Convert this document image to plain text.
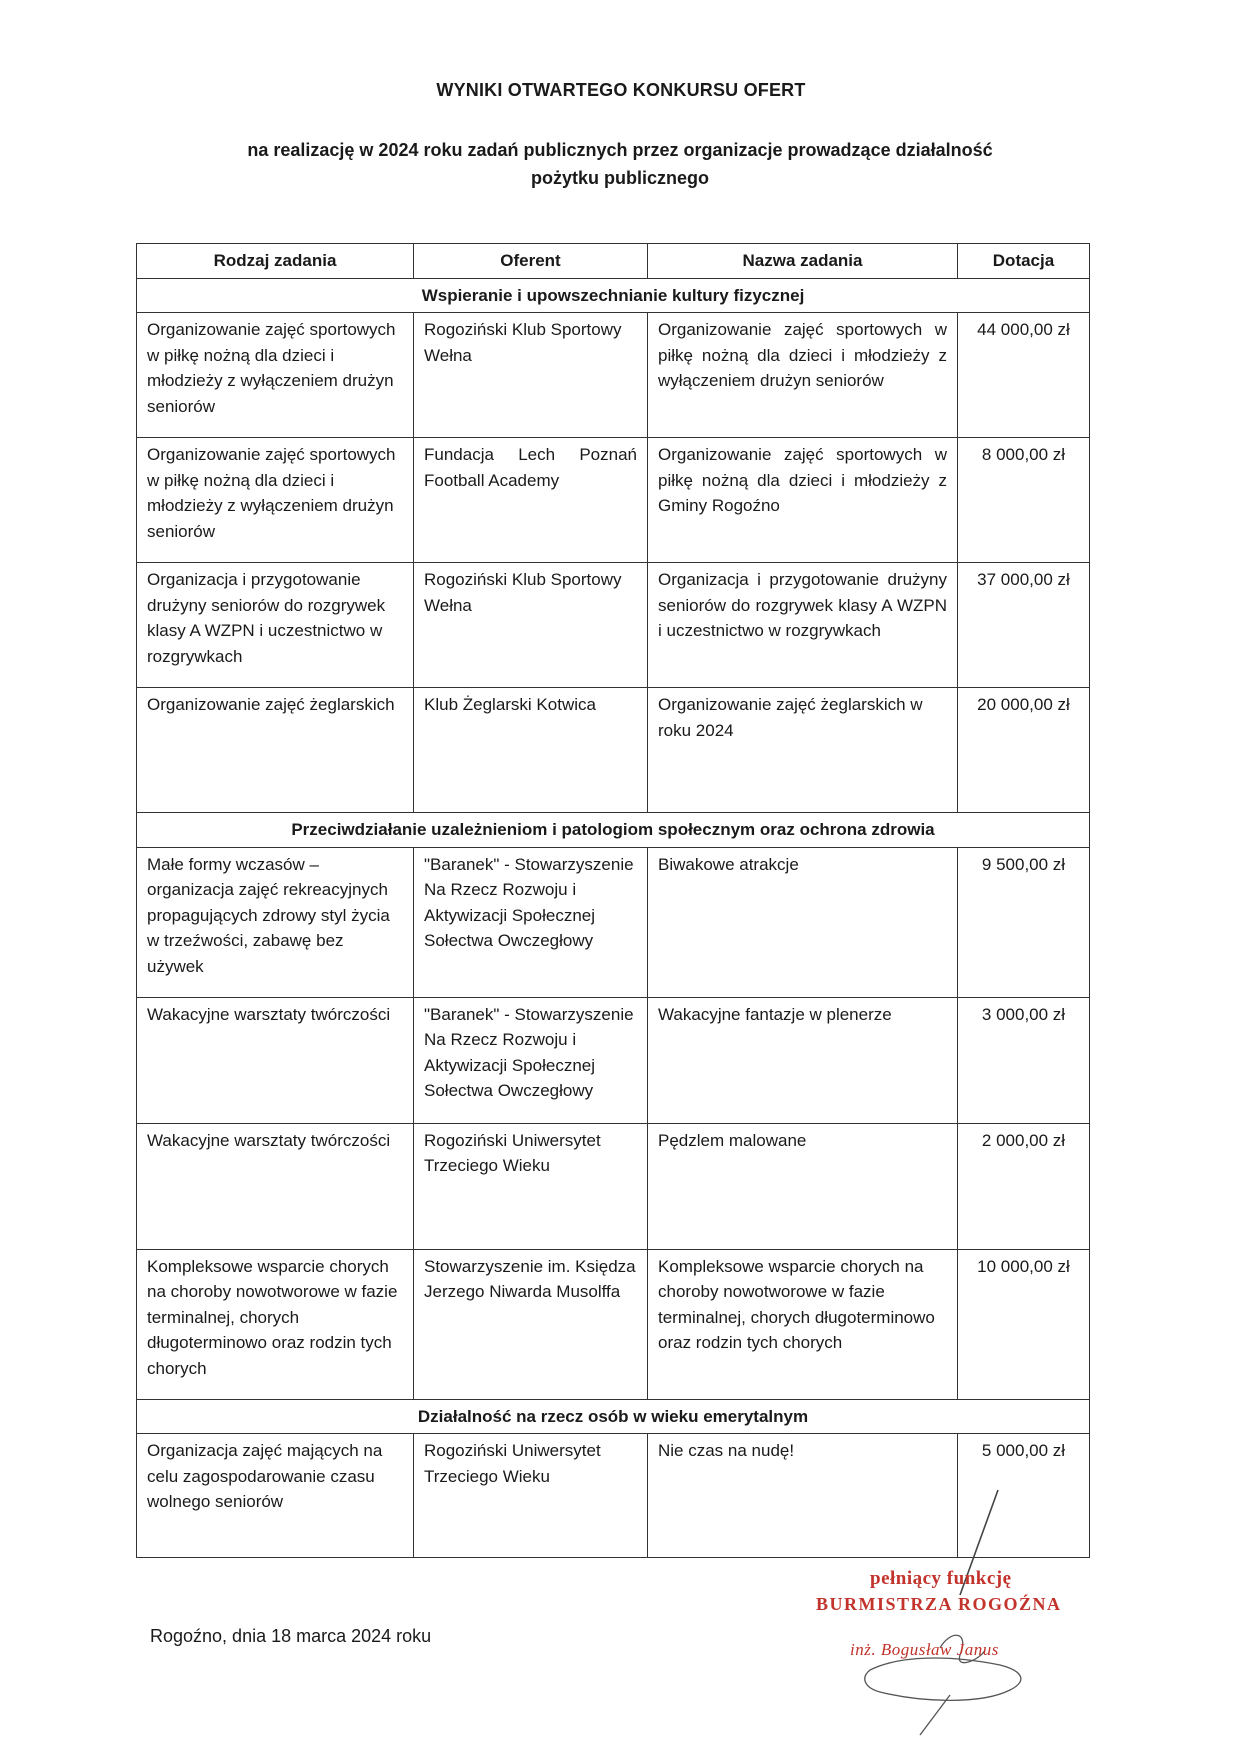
WYNIKI OTWARTEGO KONKURSU OFERT
na realizację w 2024 roku zadań publicznych przez organizacje prowadzące działalność
pożytku publicznego
Rodzaj zadania	Oferent	Nazwa zadania	Dotacja
Wspieranie i upowszechnianie kultury fizycznej			
Organizowanie zajęć sportowych w piłkę nożną dla dzieci i młodzieży z wyłączeniem drużyn seniorów	Rogoziński Klub Sportowy Wełna	Organizowanie zajęć sportowych w piłkę nożną dla dzieci i młodzieży z wyłączeniem drużyn seniorów	44 000,00 zł
Organizowanie zajęć sportowych w piłkę nożną dla dzieci i młodzieży z wyłączeniem drużyn seniorów	Fundacja Lech Poznań Football Academy	Organizowanie zajęć sportowych w piłkę nożną dla dzieci i młodzieży z Gminy Rogoźno	8 000,00 zł
Organizacja i przygotowanie drużyny seniorów do rozgrywek klasy A WZPN i uczestnictwo w rozgrywkach	Rogoziński Klub Sportowy Wełna	Organizacja i przygotowanie drużyny seniorów do rozgrywek klasy A WZPN i uczestnictwo w rozgrywkach	37 000,00 zł
Organizowanie zajęć żeglarskich	Klub Żeglarski Kotwica	Organizowanie zajęć żeglarskich w roku 2024	20 000,00 zł
Przeciwdziałanie uzależnieniom i patologiom społecznym oraz ochrona zdrowia			
Małe formy wczasów – organizacja zajęć rekreacyjnych propagujących zdrowy styl życia w trzeźwości, zabawę bez używek	"Baranek" - Stowarzyszenie Na Rzecz Rozwoju i Aktywizacji Społecznej Sołectwa Owczegłowy	Biwakowe atrakcje	9 500,00 zł
Wakacyjne warsztaty twórczości	"Baranek" - Stowarzyszenie Na Rzecz Rozwoju i Aktywizacji Społecznej Sołectwa Owczegłowy	Wakacyjne fantazje w plenerze	3 000,00 zł
Wakacyjne warsztaty twórczości	Rogoziński Uniwersytet Trzeciego Wieku	Pędzlem malowane	2 000,00 zł
Kompleksowe wsparcie chorych na choroby nowotworowe w fazie terminalnej, chorych długoterminowo oraz rodzin tych chorych	Stowarzyszenie im. Księdza Jerzego Niwarda Musolffa	Kompleksowe wsparcie chorych na choroby nowotworowe w fazie terminalnej, chorych długoterminowo oraz rodzin tych chorych	10 000,00 zł
Działalność na rzecz osób w wieku emerytalnym			
Organizacja zajęć mających na celu zagospodarowanie czasu wolnego seniorów	Rogoziński Uniwersytet Trzeciego Wieku	Nie czas na nudę!	5 000,00 zł
Rogoźno, dnia 18 marca 2024 roku
pełniący funkcję
BURMISTRZA ROGOŹNA
inż. Bogusław Janus
